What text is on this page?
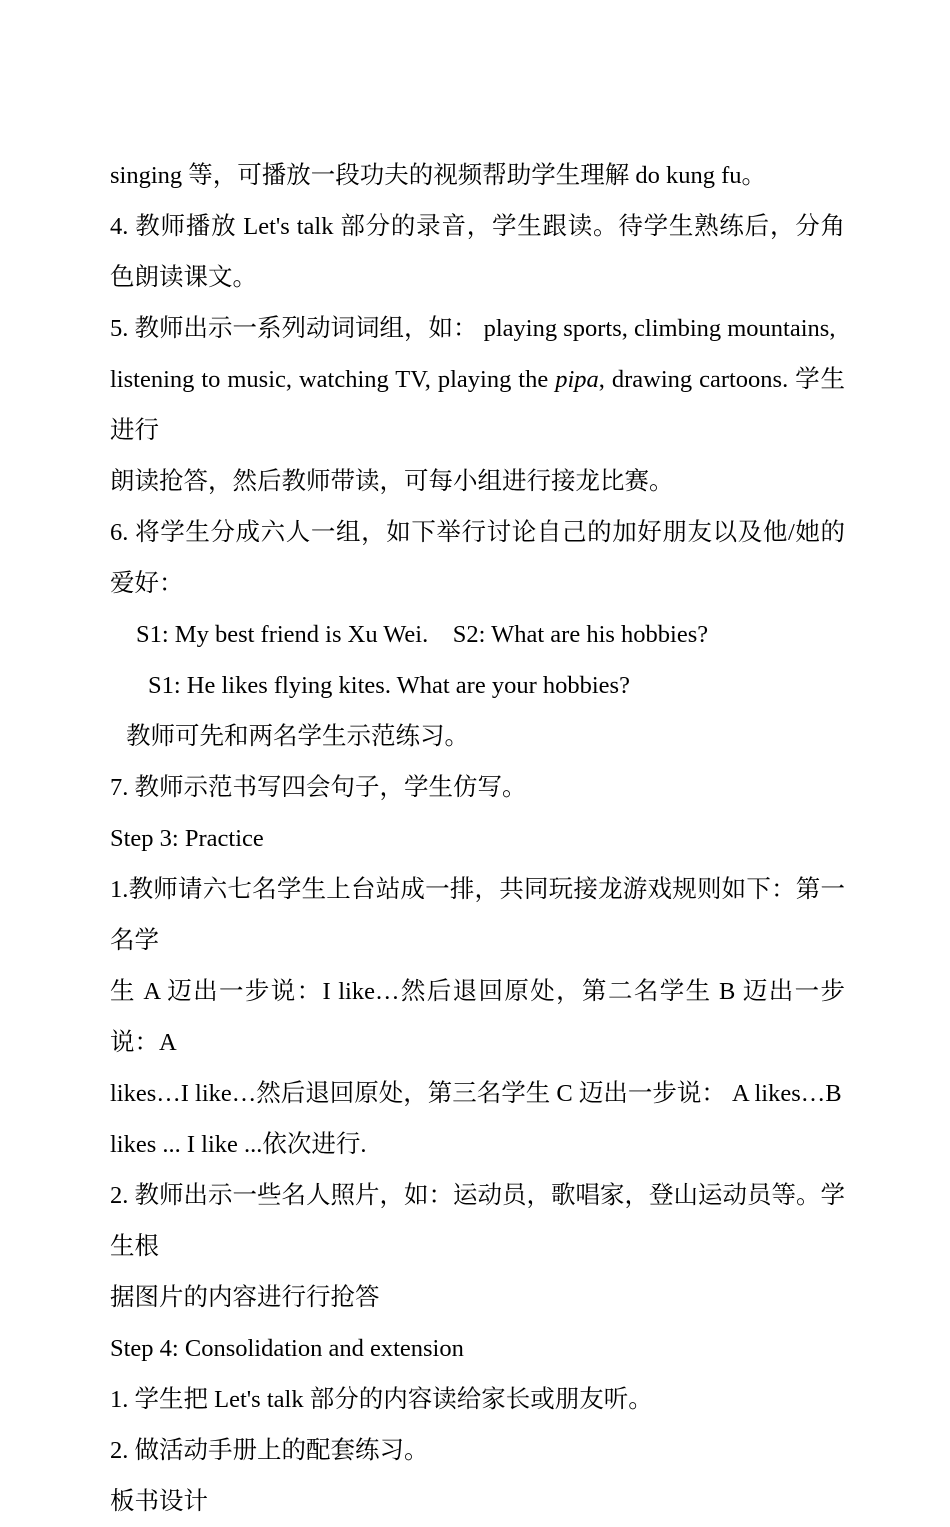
singing 等，可播放一段功夫的视频帮助学生理解 do kung fu。

4. 教师播放 Let's talk 部分的录音，学生跟读。待学生熟练后，分角色朗读课文。

5. 教师出示一系列动词词组，如： playing sports, climbing mountains,

listening to music, watching TV, playing the pipa, drawing cartoons. 学生进行

朗读抢答，然后教师带读，可每小组进行接龙比赛。

6. 将学生分成六人一组，如下举行讨论自己的加好朋友以及他/她的爱好：

S1: My best friend is Xu Wei.    S2: What are his hobbies?

S1: He likes flying kites. What are your hobbies?

教师可先和两名学生示范练习。

7. 教师示范书写四会句子，学生仿写。

Step 3: Practice

1.教师请六七名学生上台站成一排，共同玩接龙游戏规则如下：第一名学

生 A 迈出一步说：I like…然后退回原处，第二名学生 B 迈出一步说：A

likes…I like…然后退回原处，第三名学生 C 迈出一步说： A likes…B

likes ... I like ...依次进行.

2. 教师出示一些名人照片，如：运动员，歌唱家，登山运动员等。学生根

据图片的内容进行行抢答

Step 4: Consolidation and extension

1. 学生把 Let's talk 部分的内容读给家长或朋友听。

2. 做活动手册上的配套练习。

板书设计
